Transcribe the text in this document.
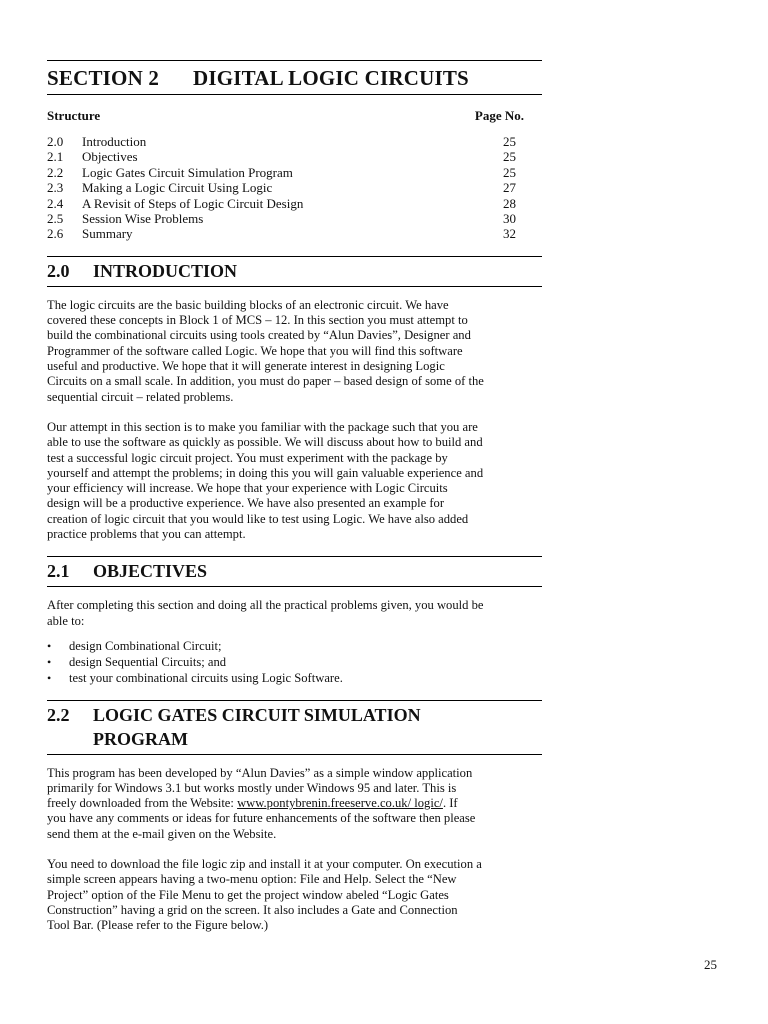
SECTION 2 DIGITAL LOGIC CIRCUITS
Structure	Page No.
2.0	Introduction	25
2.1	Objectives	25
2.2	Logic Gates Circuit Simulation Program	25
2.3	Making a Logic Circuit Using Logic	27
2.4	A Revisit of Steps of Logic Circuit Design	28
2.5	Session Wise Problems	30
2.6	Summary	32
2.0	INTRODUCTION

The logic circuits are the basic building blocks of an electronic circuit. We have
covered these concepts in Block 1 of MCS – 12. In this section you must attempt to
build the combinational circuits using tools created by “Alun Davies”, Designer and
Programmer of the software called Logic. We hope that you will find this software
useful and productive. We hope that it will generate interest in designing Logic
Circuits on a small scale. In addition, you must do paper – based design of some of the
sequential circuit – related problems.

Our attempt in this section is to make you familiar with the package such that you are
able to use the software as quickly as possible. We will discuss about how to build and
test a successful logic circuit project. You must experiment with the package by
yourself and attempt the problems; in doing this you will gain valuable experience and
your efficiency will increase. We hope that your experience with Logic Circuits
design will be a productive experience. We have also presented an example for
creation of logic circuit that you would like to test using Logic. We have also added
practice problems that you can attempt.

2.1	OBJECTIVES

After completing this section and doing all the practical problems given, you would be
able to:

•	design Combinational Circuit;
•	design Sequential Circuits; and
•	test your combinational circuits using Logic Software.
2.2	LOGIC GATES CIRCUIT SIMULATION
PROGRAM

This program has been developed by “Alun Davies” as a simple window application
primarily for Windows 3.1 but works mostly under Windows 95 and later. This is
freely downloaded from the Website: www.pontybrenin.freeserve.co.uk/ logic/. If
you have any comments or ideas for future enhancements of the software then please
send them at the e-mail given on the Website.

You need to download the file logic zip and install it at your computer. On execution a
simple screen appears having a two-menu option: File and Help. Select the “New
Project” option of the File Menu to get the project window abeled “Logic Gates
Construction” having a grid on the screen. It also includes a Gate and Connection
Tool Bar. (Please refer to the Figure below.)

25
